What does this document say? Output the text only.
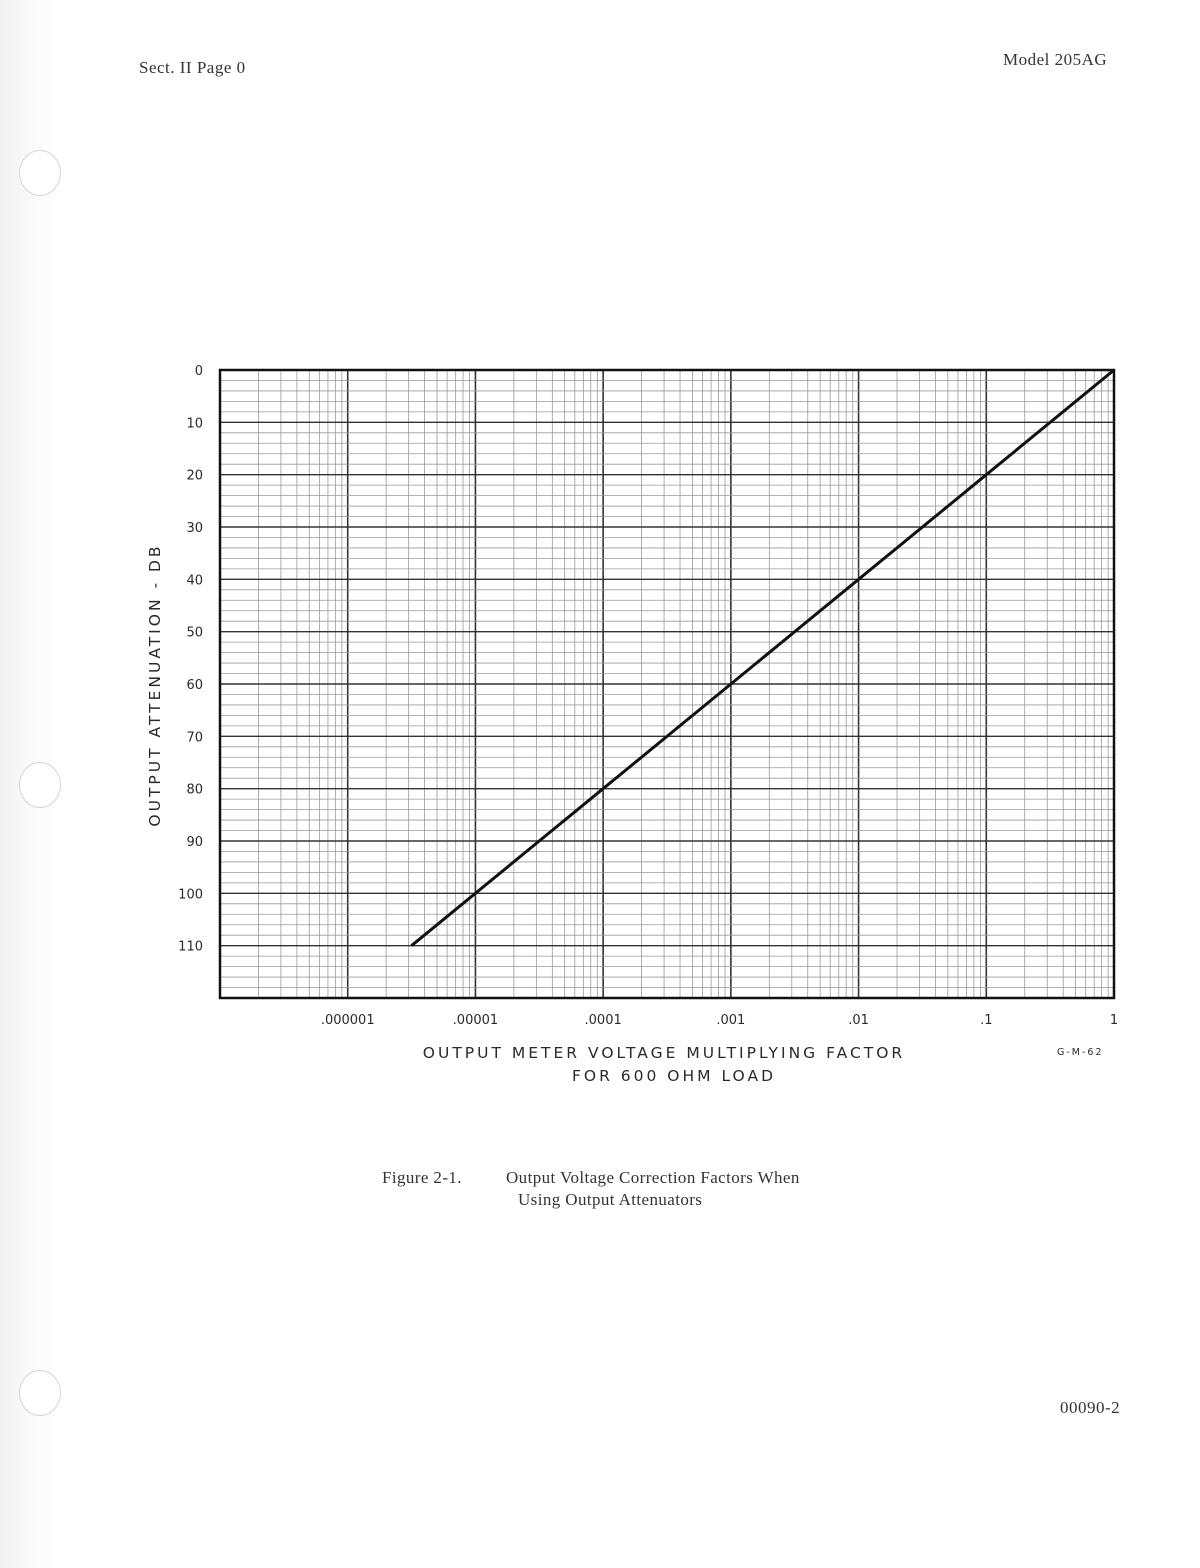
Sect. II Page 0	Model 205AG
0
10
20
30
40
50
60
70
80
90
100
110
.000001	.00001	.0001	.001	.01	.1	1
OUTPUT ATTENUATION - DB
OUTPUT METER VOLTAGE MULTIPLYING FACTOR
FOR 600 OHM LOAD
G-M-62
Figure 2-1.	Output Voltage Correction Factors When
Using Output Attenuators
00090-2
